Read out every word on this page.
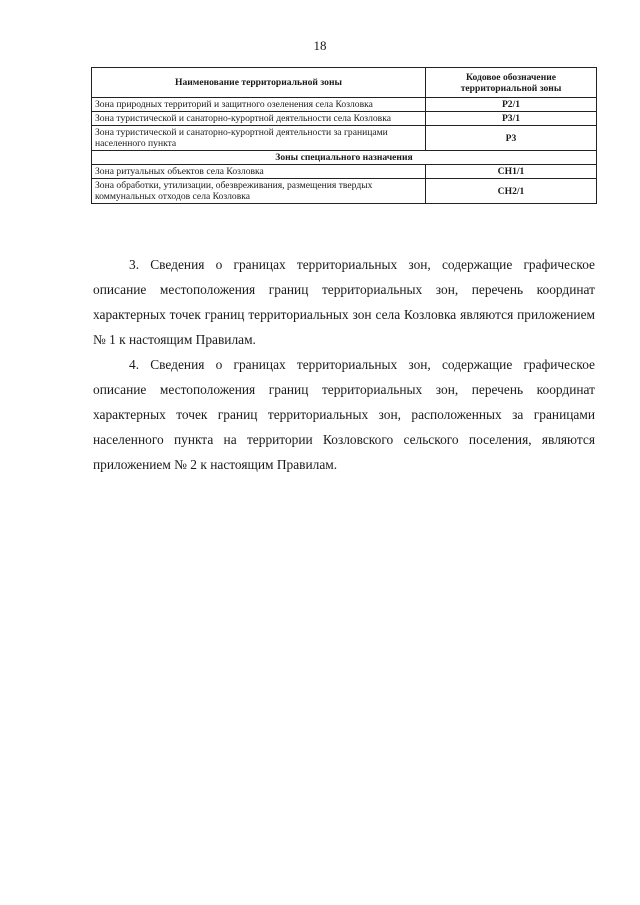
18
Наименование территориальной зоны	Кодовое обозначение территориальной зоны
Зона природных территорий и защитного озеленения села Козловка	Р2/1
Зона туристической и санаторно-курортной деятельности села Козловка	Р3/1
Зона туристической и санаторно-курортной деятельности за границами населенного пункта	Р3
Зоны специального назначения	
Зона ритуальных объектов села Козловка	СН1/1
Зона обработки, утилизации, обезвреживания, размещения твердых коммунальных отходов села Козловка	СН2/1

3. Сведения о границах территориальных зон, содержащие графическое описание местоположения границ территориальных зон, перечень координат характерных точек границ территориальных зон села Козловка являются приложением № 1 к настоящим Правилам.

4. Сведения о границах территориальных зон, содержащие графическое описание местоположения границ территориальных зон, перечень координат характерных точек границ территориальных зон, расположенных за границами населенного пункта на территории Козловского сельского поселения, являются приложением № 2 к настоящим Правилам.
